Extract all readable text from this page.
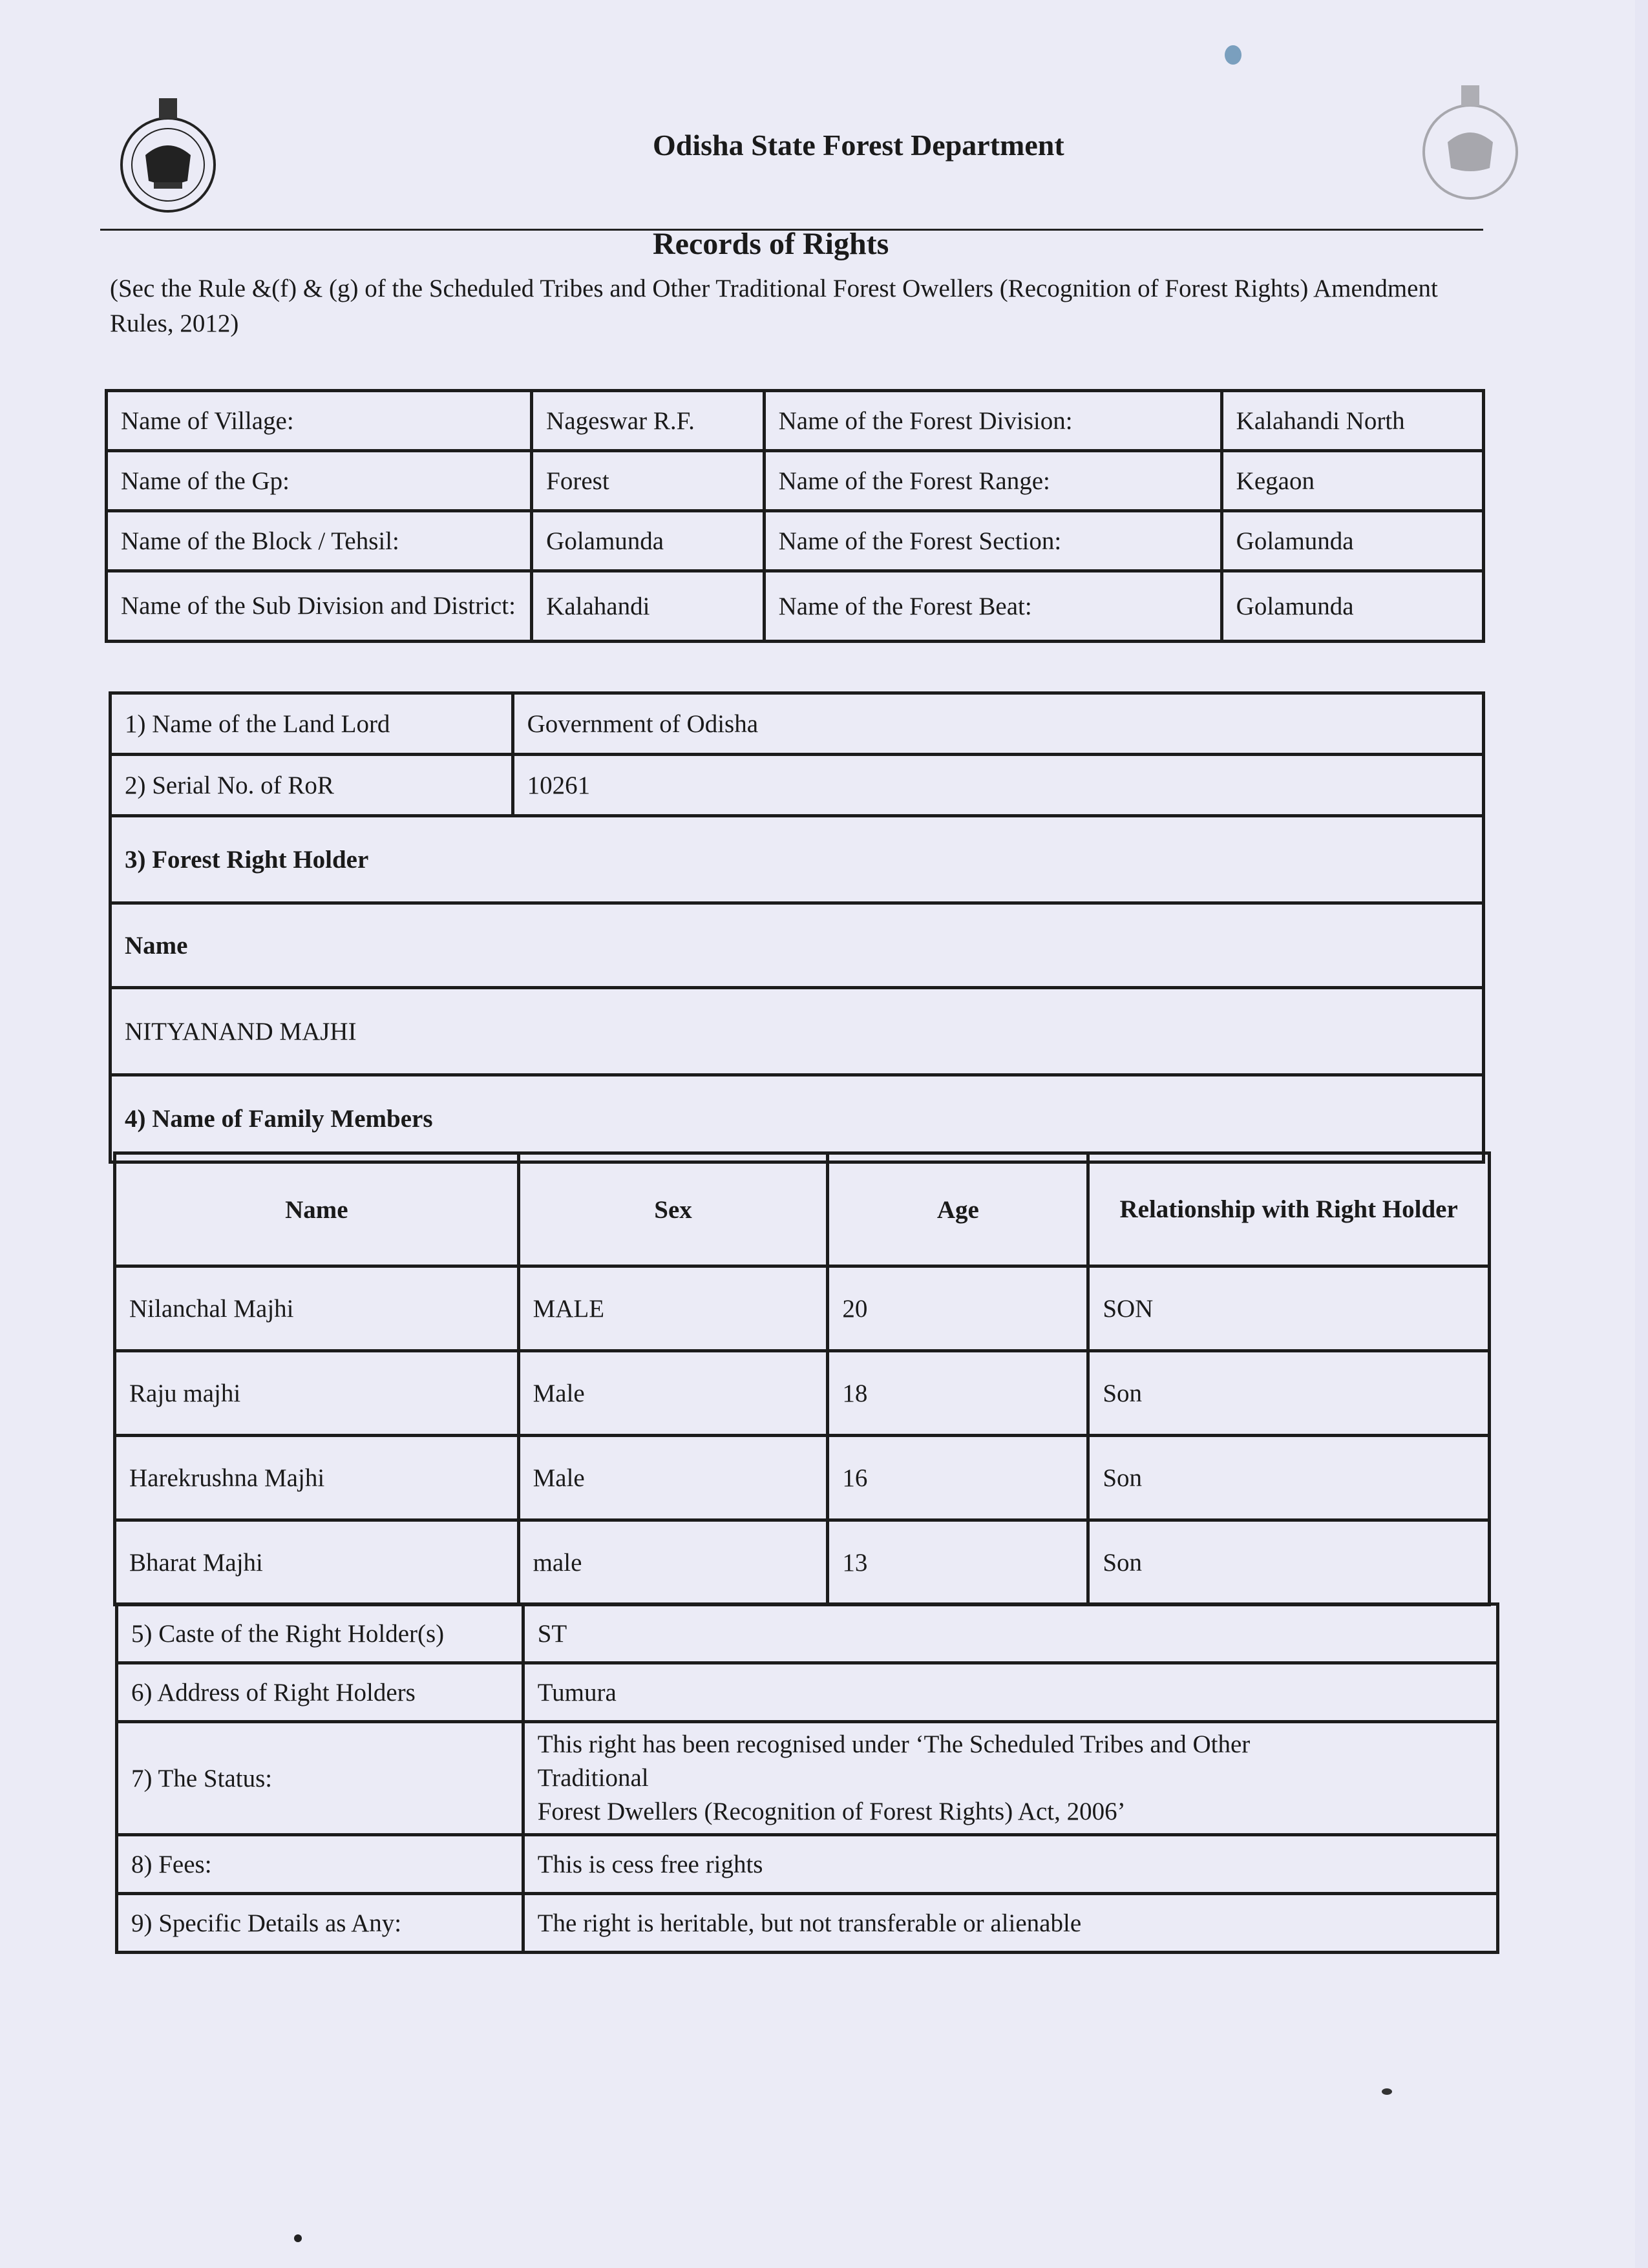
Odisha State Forest Department
Records of Rights
(Sec the Rule &(f) & (g) of the Scheduled Tribes and Other Traditional Forest Owellers (Recognition of Forest Rights) Amendment Rules, 2012)
Name of Village:	Nageswar R.F.	Name of the Forest Division:	Kalahandi North
Name of the Gp:	Forest	Name of the Forest Range:	Kegaon
Name of the Block / Tehsil:	Golamunda	Name of the Forest Section:	Golamunda
Name of the Sub Division and District:	Kalahandi	Name of the Forest Beat:	Golamunda
1) Name of the Land Lord	Government of Odisha
2) Serial No. of RoR	10261
3) Forest Right Holder	
Name	
NITYANAND MAJHI	
4) Name of Family Members	
Name	Sex	Age	Relationship with Right Holder
Nilanchal Majhi	MALE	20	SON
Raju majhi	Male	18	Son
Harekrushna Majhi	Male	16	Son
Bharat Majhi	male	13	Son
5) Caste of the Right Holder(s)	ST
6) Address of Right Holders	Tumura
7) The Status:	This right has been recognised under ‘The Scheduled Tribes and Other
Traditional
Forest Dwellers (Recognition of Forest Rights) Act, 2006’

8) Fees:	This is cess free rights
9) Specific Details as Any:	The right is heritable, but not transferable or alienable
